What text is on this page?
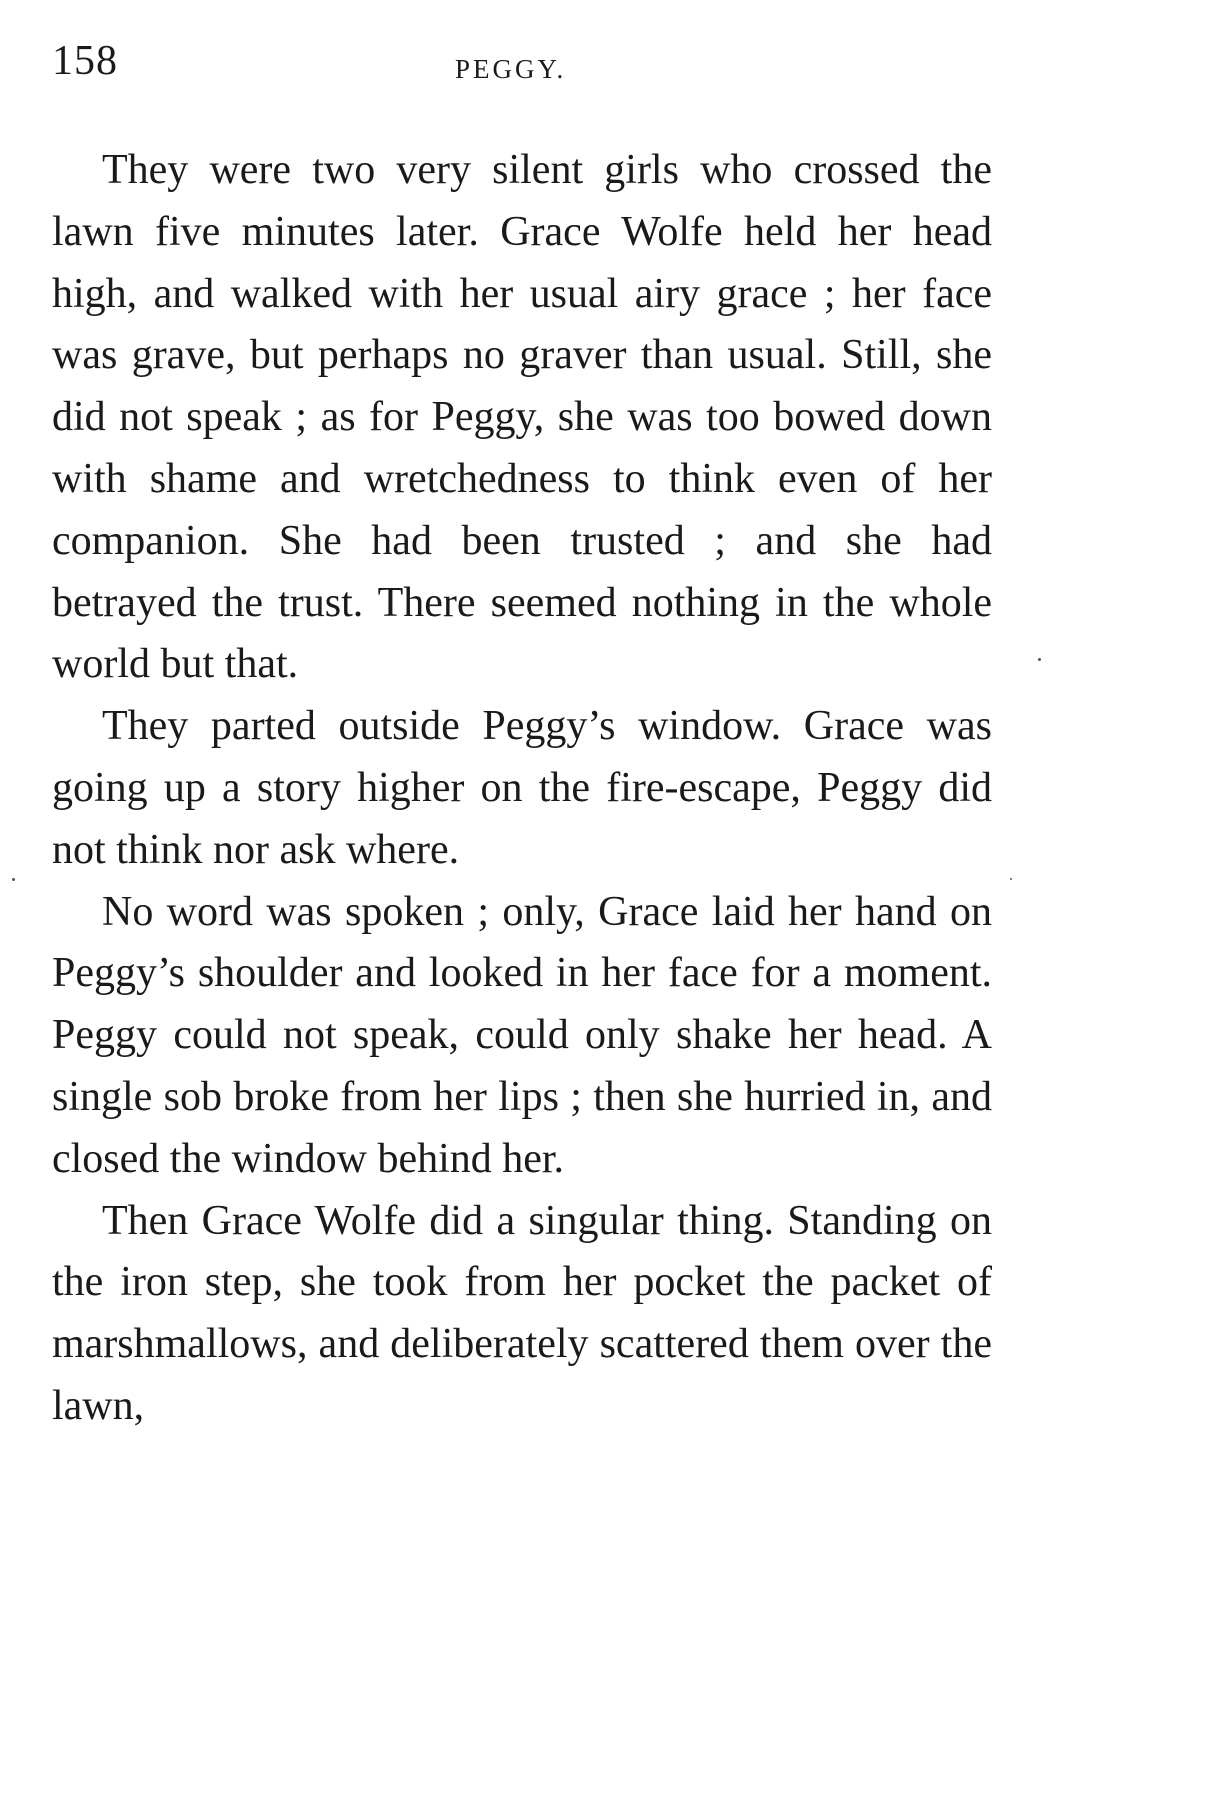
158	PEGGY.

They were two very silent girls who crossed the lawn five minutes later. Grace Wolfe held her head high, and walked with her usual airy grace ; her face was grave, but perhaps no graver than usual. Still, she did not speak ; as for Peggy, she was too bowed down with shame and wretchedness to think even of her companion. She had been trusted ; and she had betrayed the trust. There seemed nothing in the whole world but that.

They parted outside Peggy’s window. Grace was going up a story higher on the fire-escape, Peggy did not think nor ask where.

No word was spoken ; only, Grace laid her hand on Peggy’s shoulder and looked in her face for a moment. Peggy could not speak, could only shake her head. A single sob broke from her lips ; then she hurried in, and closed the window behind her.

Then Grace Wolfe did a singular thing. Standing on the iron step, she took from her pocket the packet of marshmallows, and deliberately scattered them over the lawn,
